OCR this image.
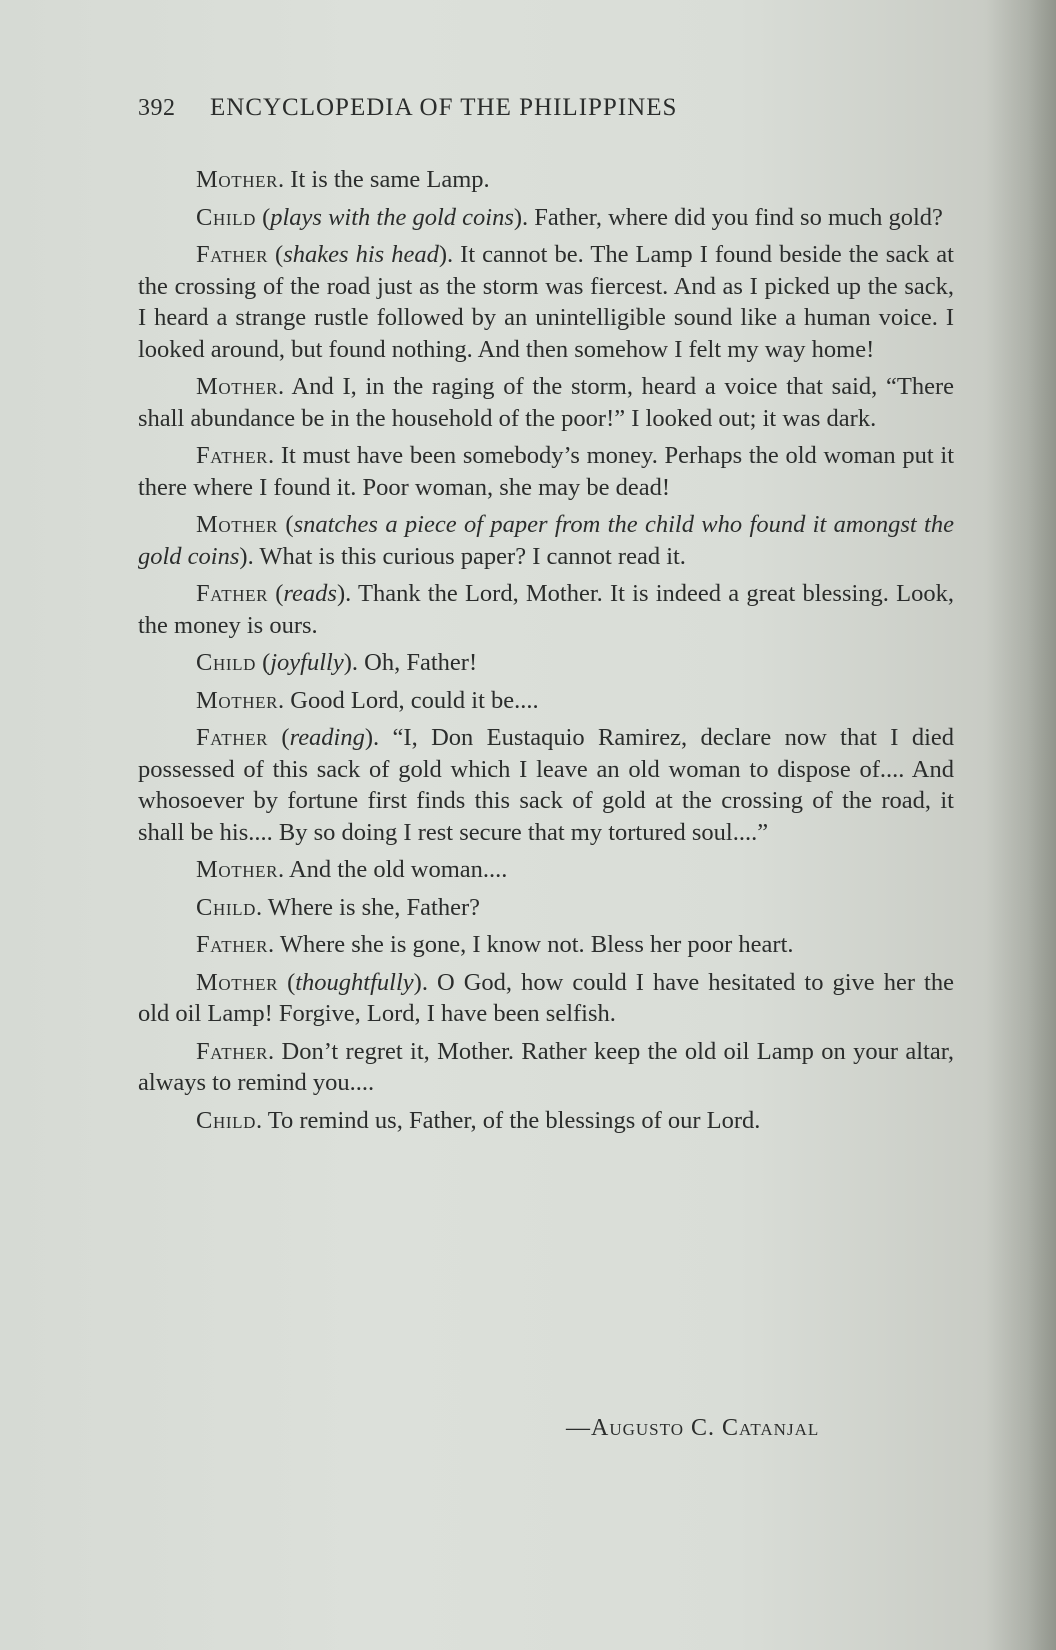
392 ENCYCLOPEDIA OF THE PHILIPPINES

Mother. It is the same Lamp.

Child (plays with the gold coins). Father, where did you find so much gold?

Father (shakes his head). It cannot be. The Lamp I found beside the sack at the crossing of the road just as the storm was fiercest. And as I picked up the sack, I heard a strange rustle followed by an unintelligible sound like a human voice. I looked around, but found nothing. And then somehow I felt my way home!

Mother. And I, in the raging of the storm, heard a voice that said, “There shall abundance be in the household of the poor!” I looked out; it was dark.

Father. It must have been somebody’s money. Perhaps the old woman put it there where I found it. Poor woman, she may be dead!

Mother (snatches a piece of paper from the child who found it amongst the gold coins). What is this curious paper? I cannot read it.

Father (reads). Thank the Lord, Mother. It is indeed a great blessing. Look, the money is ours.

Child (joyfully). Oh, Father!

Mother. Good Lord, could it be....

Father (reading). “I, Don Eustaquio Ramirez, declare now that I died possessed of this sack of gold which I leave an old woman to dispose of.... And whosoever by fortune first finds this sack of gold at the crossing of the road, it shall be his.... By so doing I rest secure that my tortured soul....”

Mother. And the old woman....

Child. Where is she, Father?

Father. Where she is gone, I know not. Bless her poor heart.

Mother (thoughtfully). O God, how could I have hesitated to give her the old oil Lamp! Forgive, Lord, I have been selfish.

Father. Don’t regret it, Mother. Rather keep the old oil Lamp on your altar, always to remind you....

Child. To remind us, Father, of the blessings of our Lord.

—Augusto C. Catanjal
